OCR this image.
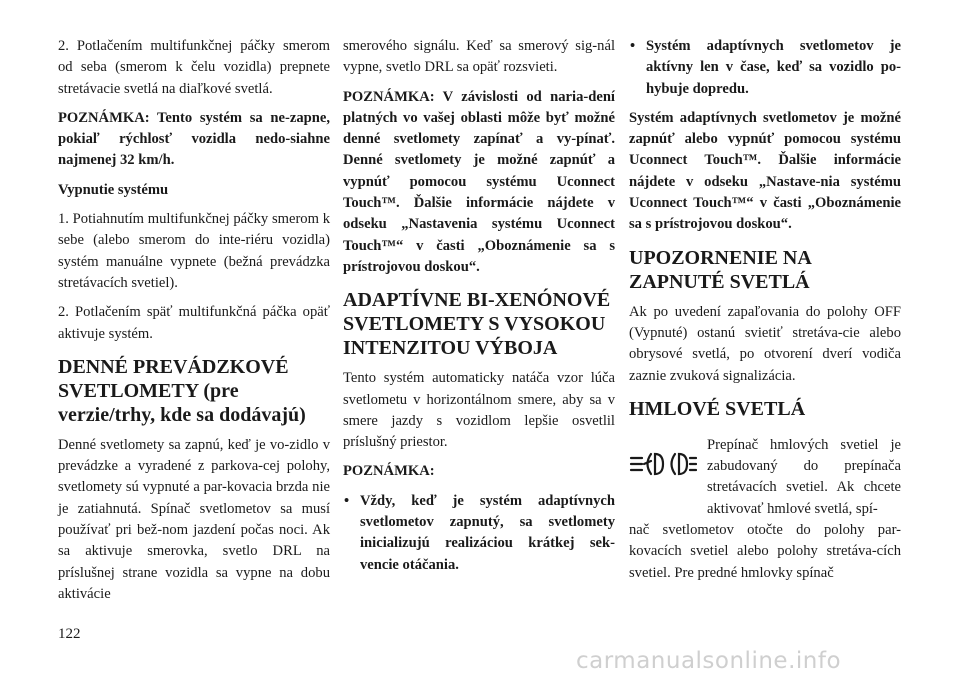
2. Potlačením multifunkčnej páčky smerom od seba (smerom k čelu vozidla) prepnete stretávacie svetlá na diaľkové svetlá.

POZNÁMKA: Tento systém sa ne-zapne, pokiaľ rýchlosť vozidla nedo-siahne najmenej 32 km/h.

Vypnutie systému

1. Potiahnutím multifunkčnej páčky smerom k sebe (alebo smerom do inte-riéru vozidla) systém manuálne vypnete (bežná prevádzka stretávacích svetiel).

2. Potlačením späť multifunkčná páčka opäť aktivuje systém.

DENNÉ PREVÁDZKOVÉ SVETLOMETY (pre verzie/trhy, kde sa dodávajú)

Denné svetlomety sa zapnú, keď je vo-zidlo v prevádzke a vyradené z parkova-cej polohy, svetlomety sú vypnuté a par-kovacia brzda nie je zatiahnutá. Spínač svetlometov sa musí používať pri bež-nom jazdení počas noci. Ak sa aktivuje smerovka, svetlo DRL na príslušnej strane vozidla sa vypne na dobu aktivácie

smerového signálu. Keď sa smerový sig-nál vypne, svetlo DRL sa opäť rozsvieti.

POZNÁMKA: V závislosti od naria-dení platných vo vašej oblasti môže byť možné denné svetlomety zapínať a vy-pínať. Denné svetlomety je možné zapnúť a vypnúť pomocou systému Uconnect Touch™. Ďalšie informácie nájdete v odseku „Nastavenia systému Uconnect Touch™“ v časti „Oboznámenie sa s prístrojovou doskou“.

ADAPTÍVNE BI-XENÓNOVÉ SVETLOMETY S VYSOKOU INTENZITOU VÝBOJA

Tento systém automaticky natáča vzor lúča svetlometu v horizontálnom smere, aby sa v smere jazdy s vozidlom lepšie osvetlil príslušný priestor.

POZNÁMKA:

• Vždy, keď je systém adaptívnych svetlometov zapnutý, sa svetlomety inicializujú realizáciou krátkej sek-vencie otáčania.
• Systém adaptívnych svetlometov je aktívny len v čase, keď sa vozidlo po-hybuje dopredu.

Systém adaptívnych svetlometov je možné zapnúť alebo vypnúť pomocou systému Uconnect Touch™. Ďalšie informácie nájdete v odseku „Nastave-nia systému Uconnect Touch™“ v časti „Oboznámenie sa s prístrojovou doskou“.

UPOZORNENIE NA ZAPNUTÉ SVETLÁ

Ak po uvedení zapaľovania do polohy OFF (Vypnuté) ostanú svietiť stretáva-cie alebo obrysové svetlá, po otvorení dverí vodiča zaznie zvuková signalizácia.

HMLOVÉ SVETLÁ

Prepínač hmlových svetiel je zabudovaný do prepínača stretávacích svetiel. Ak chcete aktivovať hmlové svetlá, spí-

nač svetlometov otočte do polohy par-kovacích svetiel alebo polohy stretáva-cích svetiel. Pre predné hmlovky spínač

122
carmanualsonline.info
